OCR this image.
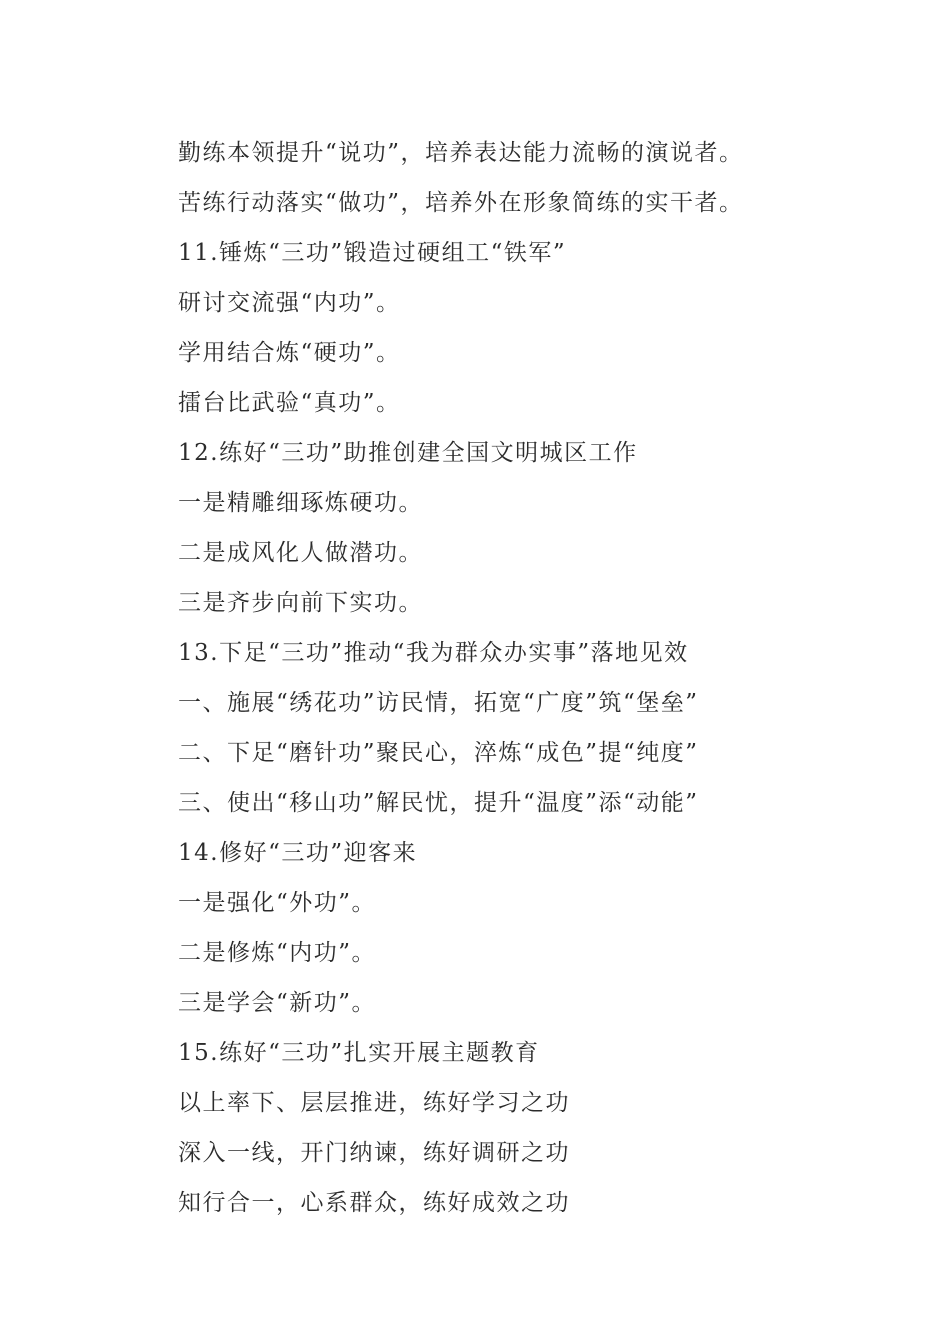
勤练本领提升“说功”，培养表达能力流畅的演说者。
苦练行动落实“做功”，培养外在形象简练的实干者。
11.锤炼“三功”锻造过硬组工“铁军”
研讨交流强“内功”。
学用结合炼“硬功”。
擂台比武验“真功”。
12.练好“三功”助推创建全国文明城区工作
一是精雕细琢炼硬功。
二是成风化人做潜功。
三是齐步向前下实功。
13.下足“三功”推动“我为群众办实事”落地见效
一、施展“绣花功”访民情，拓宽“广度”筑“堡垒”
二、下足“磨针功”聚民心，淬炼“成色”提“纯度”
三、使出“移山功”解民忧，提升“温度”添“动能”
14.修好“三功”迎客来
一是强化“外功”。
二是修炼“内功”。
三是学会“新功”。
15.练好“三功”扎实开展主题教育
以上率下、层层推进，练好学习之功
深入一线，开门纳谏，练好调研之功
知行合一，心系群众，练好成效之功
